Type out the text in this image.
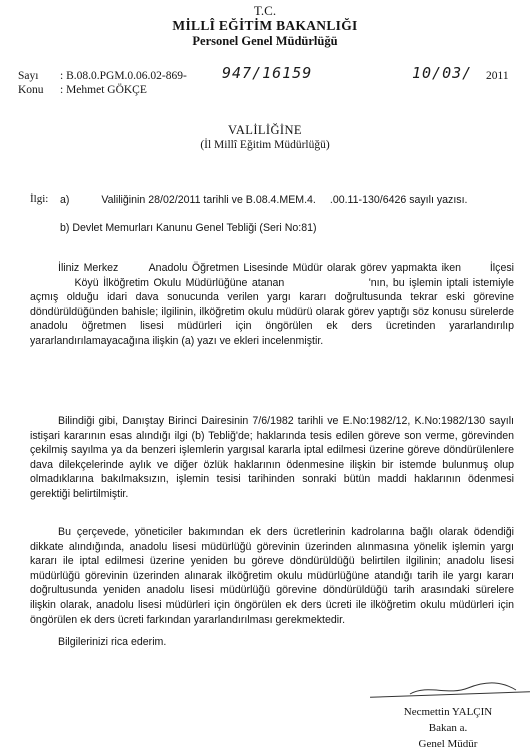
T.C.
MİLLÎ EĞİTİM BAKANLIĞI
Personel Genel Müdürlüğü
Sayı : B.08.0.PGM.0.06.02-869- 947/16159	10/03/ 2011
Konu : Mehmet GÖKÇE
VALİLİĞİNE
(İl Millî Eğitim Müdürlüğü)
İlgi: a)	Valiliğinin 28/02/2011 tarihli ve B.08.4.MEM.4. .00.11-130/6426 sayılı yazısı.
b) Devlet Memurları Kanunu Genel Tebliği (Seri No:81)
İliniz Merkez	Anadolu Öğretmen Lisesinde Müdür olarak görev yapmakta iken	İlçesi  Köyü İlköğretim Okulu Müdürlüğüne atanan	'nın, bu işlemin iptali istemiyle açmış olduğu idari dava sonucunda verilen yargı kararı doğrultusunda tekrar eski görevine döndürüldüğünden bahisle; ilgilinin, ilköğretim okulu müdürü olarak görev yaptığı söz konusu sürelerde anadolu öğretmen lisesi müdürleri için öngörülen ek ders ücretinden yararlandırılıp yararlandırılamayacağına ilişkin (a) yazı ve ekleri incelenmiştir.
Bilindiği gibi, Danıştay Birinci Dairesinin 7/6/1982 tarihli ve E.No:1982/12, K.No:1982/130 sayılı istişari kararının esas alındığı ilgi (b) Tebliğ'de; haklarında tesis edilen göreve son verme, görevinden çekilmiş sayılma ya da benzeri işlemlerin yargısal kararla iptal edilmesi üzerine göreve döndürülenlere dava dilekçelerinde aylık ve diğer özlük haklarının ödenmesine ilişkin bir istemde bulunmuş olup olmadıklarına bakılmaksızın, işlemin tesisi tarihinden sonraki bütün maddi haklarının ödenmesi gerektiği belirtilmiştir.
Bu çerçevede, yöneticiler bakımından ek ders ücretlerinin kadrolarına bağlı olarak ödendiği dikkate alındığında, anadolu lisesi müdürlüğü görevinin üzerinden alınmasına yönelik işlemin yargı kararı ile iptal edilmesi üzerine yeniden bu göreve döndürüldüğü belirtilen ilgilinin; anadolu lisesi müdürlüğü görevinin üzerinden alınarak ilköğretim okulu müdürlüğüne atandığı tarih ile yargı kararı doğrultusunda yeniden anadolu lisesi müdürlüğü görevine döndürüldüğü tarih arasındaki sürelere ilişkin olarak, anadolu lisesi müdürleri için öngörülen ek ders ücreti ile ilköğretim okulu müdürleri için öngörülen ek ders ücreti farkından yararlandırılması gerekmektedir.
Bilgilerinizi rica ederim.
Necmettin YALÇIN
Bakan a.
Genel Müdür
